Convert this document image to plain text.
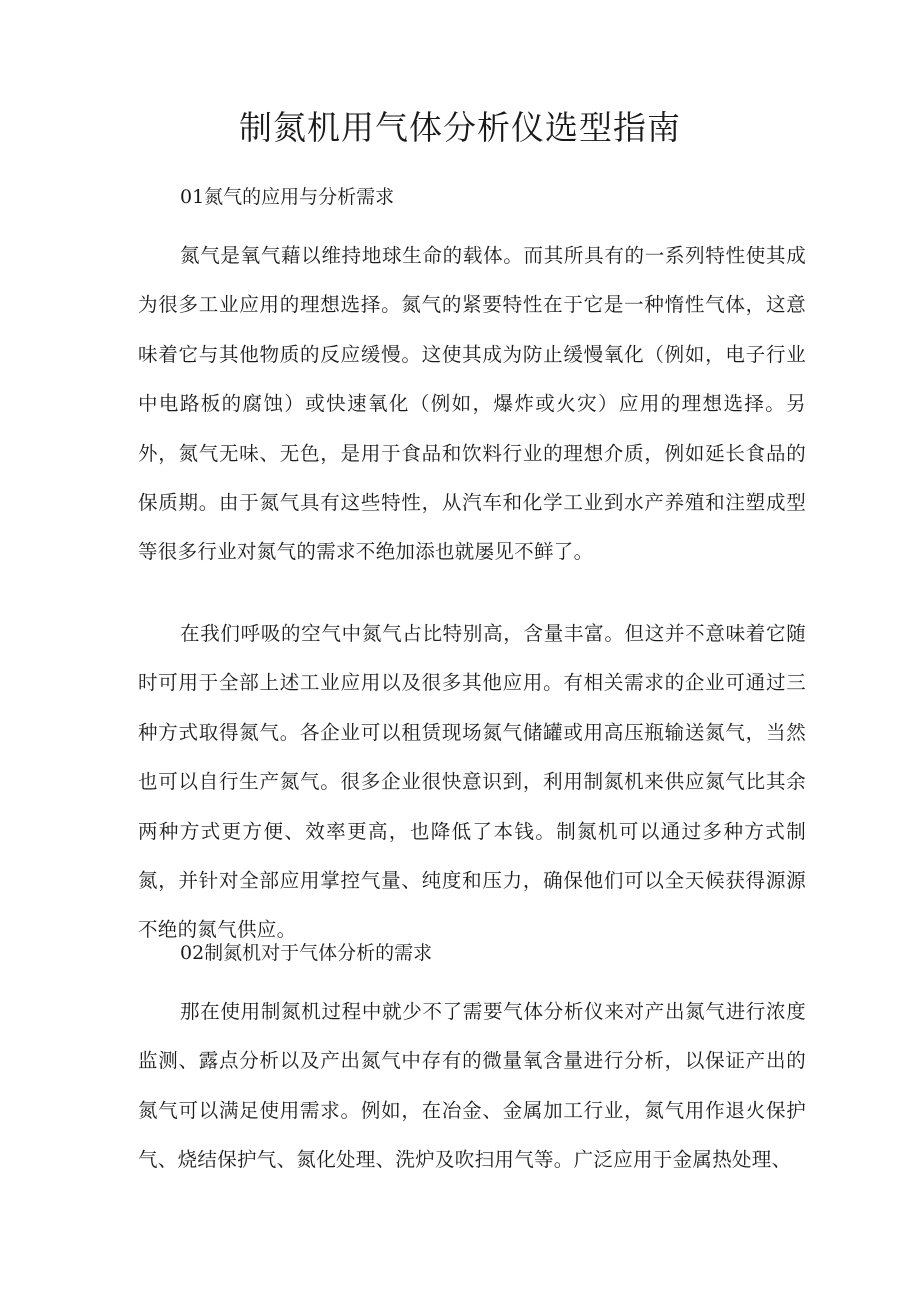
制氮机用气体分析仪选型指南

01氮气的应用与分析需求

氮气是氧气藉以维持地球生命的载体。而其所具有的一系列特性使其成为很多工业应用的理想选择。氮气的紧要特性在于它是一种惰性气体，这意味着它与其他物质的反应缓慢。这使其成为防止缓慢氧化（例如，电子行业中电路板的腐蚀）或快速氧化（例如，爆炸或火灾）应用的理想选择。另外，氮气无味、无色，是用于食品和饮料行业的理想介质，例如延长食品的保质期。由于氮气具有这些特性，从汽车和化学工业到水产养殖和注塑成型等很多行业对氮气的需求不绝加添也就屡见不鲜了。

在我们呼吸的空气中氮气占比特别高，含量丰富。但这并不意味着它随时可用于全部上述工业应用以及很多其他应用。有相关需求的企业可通过三种方式取得氮气。各企业可以租赁现场氮气储罐或用高压瓶输送氮气，当然也可以自行生产氮气。很多企业很快意识到，利用制氮机来供应氮气比其余两种方式更方便、效率更高，也降低了本钱。制氮机可以通过多种方式制氮，并针对全部应用掌控气量、纯度和压力，确保他们可以全天候获得源源不绝的氮气供应。

02制氮机对于气体分析的需求

那在使用制氮机过程中就少不了需要气体分析仪来对产出氮气进行浓度监测、露点分析以及产出氮气中存有的微量氧含量进行分析，以保证产出的氮气可以满足使用需求。例如，在冶金、金属加工行业，氮气用作退火保护气、烧结保护气、氮化处理、洗炉及吹扫用气等。广泛应用于金属热处理、
